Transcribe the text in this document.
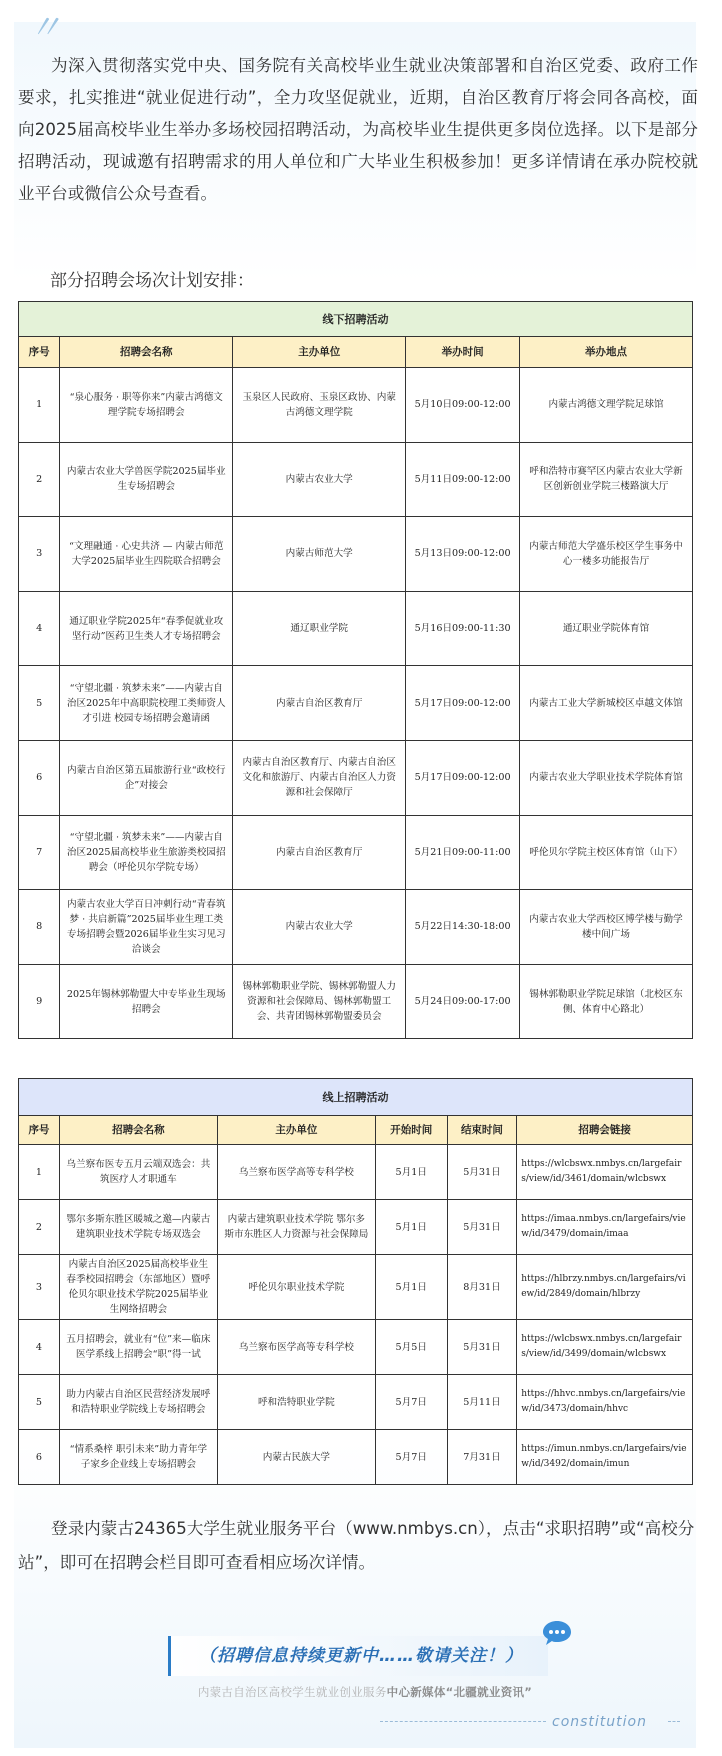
〃

为深入贯彻落实党中央、国务院有关高校毕业生就业决策部署和自治区党委、政府工作要求，扎实推进“就业促进行动”，全力攻坚促就业，近期，自治区教育厅将会同各高校，面向2025届高校毕业生举办多场校园招聘活动，为高校毕业生提供更多岗位选择。以下是部分招聘活动，现诚邀有招聘需求的用人单位和广大毕业生积极参加！更多详情请在承办院校就业平台或微信公众号查看。

部分招聘会场次计划安排：

线下招聘活动				
序号	招聘会名称	主办单位	举办时间	举办地点
1	“泉心服务 · 职等你来”内蒙古鸿德文理学院专场招聘会	玉泉区人民政府、玉泉区政协、内蒙古鸿德文理学院	5月10日09:00-12:00	内蒙古鸿德文理学院足球馆
2	内蒙古农业大学兽医学院2025届毕业生专场招聘会	内蒙古农业大学	5月11日09:00-12:00	呼和浩特市赛罕区内蒙古农业大学新区创新创业学院三楼路演大厅
3	“文理融通 · 心史共济 — 内蒙古师范大学2025届毕业生四院联合招聘会	内蒙古师范大学	5月13日09:00-12:00	内蒙古师范大学盛乐校区学生事务中心一楼多功能报告厅
4	通辽职业学院2025年“春季促就业攻坚行动”医药卫生类人才专场招聘会	通辽职业学院	5月16日09:00-11:30	通辽职业学院体育馆
5	“守望北疆 · 筑梦未来”——内蒙古自治区2025年中高职院校理工类师资人才引进 校园专场招聘会邀请函	内蒙古自治区教育厅	5月17日09:00-12:00	内蒙古工业大学新城校区卓越文体馆
6	内蒙古自治区第五届旅游行业“政校行企”对接会	内蒙古自治区教育厅、内蒙古自治区文化和旅游厅、内蒙古自治区人力资源和社会保障厅	5月17日09:00-12:00	内蒙古农业大学职业技术学院体育馆
7	“守望北疆 · 筑梦未来”——内蒙古自治区2025届高校毕业生旅游类校园招聘会（呼伦贝尔学院专场）	内蒙古自治区教育厅	5月21日09:00-11:00	呼伦贝尔学院主校区体育馆（山下）
8	内蒙古农业大学百日冲刺行动“青春筑梦 · 共启新篇”2025届毕业生理工类专场招聘会暨2026届毕业生实习见习洽谈会	内蒙古农业大学	5月22日14:30-18:00	内蒙古农业大学西校区博学楼与勤学楼中间广场
9	2025年锡林郭勒盟大中专毕业生现场招聘会	锡林郭勒职业学院、锡林郭勒盟人力资源和社会保障局、锡林郭勒盟工会、共青团锡林郭勒盟委员会	5月24日09:00-17:00	锡林郭勒职业学院足球馆（北校区东侧、体育中心路北）
线上招聘活动					
序号	招聘会名称	主办单位	开始时间	结束时间	招聘会链接
1	乌兰察布医专五月云端双选会：共筑医疗人才职通车	乌兰察布医学高等专科学校	5月1日	5月31日	https://wlcbswx.nmbys.cn/largefairs/view/id/3461/domain/wlcbswx
2	鄂尔多斯东胜区暖城之邀—内蒙古建筑职业技术学院专场双选会	内蒙古建筑职业技术学院 鄂尔多斯市东胜区人力资源与社会保障局	5月1日	5月31日	https://imaa.nmbys.cn/largefairs/view/id/3479/domain/imaa
3	内蒙古自治区2025届高校毕业生春季校园招聘会（东部地区）暨呼伦贝尔职业技术学院2025届毕业生网络招聘会	呼伦贝尔职业技术学院	5月1日	8月31日	https://hlbrzy.nmbys.cn/largefairs/view/id/2849/domain/hlbrzy
4	五月招聘会，就业有“位”来—临床医学系线上招聘会“职”得一试	乌兰察布医学高等专科学校	5月5日	5月31日	https://wlcbswx.nmbys.cn/largefairs/view/id/3499/domain/wlcbswx
5	助力内蒙古自治区民营经济发展呼和浩特职业学院线上专场招聘会	呼和浩特职业学院	5月7日	5月11日	https://hhvc.nmbys.cn/largefairs/view/id/3473/domain/hhvc
6	“情系桑梓 职引未来”助力青年学子家乡企业线上专场招聘会	内蒙古民族大学	5月7日	7月31日	https://imun.nmbys.cn/largefairs/view/id/3492/domain/imun

登录内蒙古24365大学生就业服务平台（www.nmbys.cn），点击“求职招聘”或“高校分站”，即可在招聘会栏目即可查看相应场次详情。

（招聘信息持续更新中……敬请关注！）
内蒙古自治区高校学生就业创业服务中心新媒体“北疆就业资讯”
constitution
